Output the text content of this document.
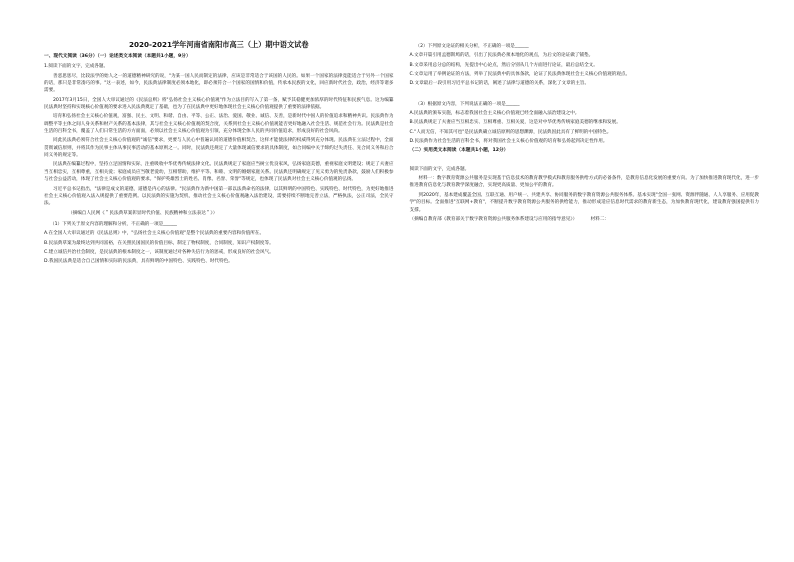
2020-2021学年河南省南阳市高三（上）期中语文试卷
一、现代文阅读（36分）（一）论述类文本阅读（本题共1小题，9分）
1.阅读下面的文字，完成各题。
善恶思惩尽，比较法学的始人之一的道德精神研究的说，"为某一国人民而制定的法律，应该是非常适合于该国的人民的。如果一个国家的法律竟能适合于另外一个国家的话，那只是非常凑巧的事。"这一表述，如今，民法典法律制度必须本地化，即必须符合一个国家的国情和价值，传承本民族的文化，回应新时代社会，政治，经济等诸多需要。
2017年3月15日，全国人大审议通过的《民法总则》将"弘扬社会主义核心价值观"作为立法目的写入了第一条，赋予其稳健更加浓厚的时代特征和民族气息。这为编纂民法典时坚持和实现核心价值观的要求进入民法典奠定了基础，也为了在民法典中更好地体现社会主义核心价值观提供了重要的法律依据。
培育和弘扬社会主义核心价值观，富强、民主、文明、和谐、自由、平等、公正、法治、爱国、敬业、诚信、友善，是新时代中国人的价值追求和精神共识。民法典作为调整平等主体之间人身关系和财产关系的基本法律，其与社会主义核心价值观的契合度，关系到社会主义核心价值观能否更好地融入社会生活、规范社会行为。民法典是社会生活的百科全书，覆盖了人们日常生活的方方面面，必须以社会主义核心价值观为引领，充分体现全体人民的共同价值追求，形成良好的社会风尚。
同此民法典必须符合社会主义核心价值观的"诚信"要求，更要与人民心中普遍认同的道德价值相契合，这样才能使法律的权威得到充分体现。民法典在立法过程中，全面贯彻诚信原则，并将其作为民事主体从事民事活动的基本原则之一。同时，民法典还规定了大量体现诚信要求的具体制度，如合同编中关于缔约过失责任、先合同义务和后合同义务的规定等。
民法典在编纂过程中，坚持立足国情和实际，注重吸收中华优秀传统法律文化。民法典规定了家庭应当树立优良家风，弘扬家庭美德，重视家庭文明建设；规定了夫妻应当互相忠实，互相尊重，互相关爱；家庭成员应当敬老爱幼，互相帮助，维护平等、和睦、文明的婚姻家庭关系。民法典还明确规定了见义勇为的免责条款，鼓励人们积极参与社会公益活动，体现了社会主义核心价值观的要求。"保护英雄烈士的姓名、肖像、名誉、荣誉"等规定，也体现了民法典对社会主义核心价值观的弘扬。
习近平总书记指出，"法律是成文的道德，道德是内心的法律。"民法典作为新中国第一部以法典命名的法律，以其鲜明的中国特色、实践特色、时代特色，为更好地推进社会主义核心价值观入法入规提供了重要范例。以民法典的实施为契机，推动社会主义核心价值观融入法治建设，需要持续不断地完善立法，严格执法，公正司法，全民守法。
（摘编自人民网《＂民法典草案彰显时代价值、民族精神和立法表达＂》）
（1）下列关于原文内容的理解和分析，不正确的一项是______
A.在全国人大审议通过的《民法总则》中，"弘扬社会主义核心价值观"是整个民法典的重要内容和价值所在。
B.民法典草案为最终达到共同富裕，在关照民国国民的价值目标，制定了物权制度，合同制度，知识产权制度等。
C.建立诚信共治社会制度，是民法典的根本制度之一，该制度通过对各种失信行为的惩戒，形成良好的社会风气。
D.我国民法典是适合自己国情和实际的民法典，具有鲜明的中国特色、实践特色、时代特色。
（2）下列原文论证的相关分析，不正确的一项是______
A.文章开篇引用孟德斯鸠的话，引出了民法典必须本地化的观点，为后文的论证做了铺垫。
B.文章采用总分总的结构，先提出中心论点，然后分别从几个方面进行论证，最后总结全文。
C.文章运用了举例论证的方法，列举了民法典中的具体条款，论证了民法典体现社会主义核心价值观的观点。
D.文章最后一段引用习近平总书记的话，阐述了法律与道德的关系，深化了文章的主旨。
（3）根据原文内容，下列说法正确的一项是______
A.民法典的颁布实施，标志着我国社会主义核心价值观已经全面融入法治建设之中。
B.民法典规定了夫妻应当互相忠实、互相尊重、互相关爱，这是对中华优秀传统家庭美德的继承和发展。
C."人而无信，不知其可也"是民法典确立诚信原则的思想渊源，民法典因此具有了鲜明的中国特色。
D.民法典作为社会生活的百科全书，将对我国社会主义核心价值观的培育和弘扬起到决定性作用。
（二）实用类文本阅读（本题共1小题，12分）
阅读下面的文字，完成各题。
材料一：数字教育资源公共服务是实现基于信息技术的教育教学模式和教育服务供给方式的必备条件，是教育信息化发展的重要方向。为了加快推进教育现代化，进一步推进教育信息化与教育教学深度融合，实现更高质量、更加公平的教育。
到2020年，基本建成覆盖全国、互联互通、用户统一、共建共享、协同服务的数字教育资源公共服务体系。基本实现"全国一张网、资源伴随通、人人享服务、应用促教学"的目标。全面推进"互联网+教育"，不断提升数字教育资源公共服务的供给能力，推动形成适应信息时代需求的教育新生态，为加快教育现代化，建设教育强国提供有力支撑。
（摘编自教育部《教育部关于数字教育资源公共服务体系建设与应用的指导意见》）	材料二：
